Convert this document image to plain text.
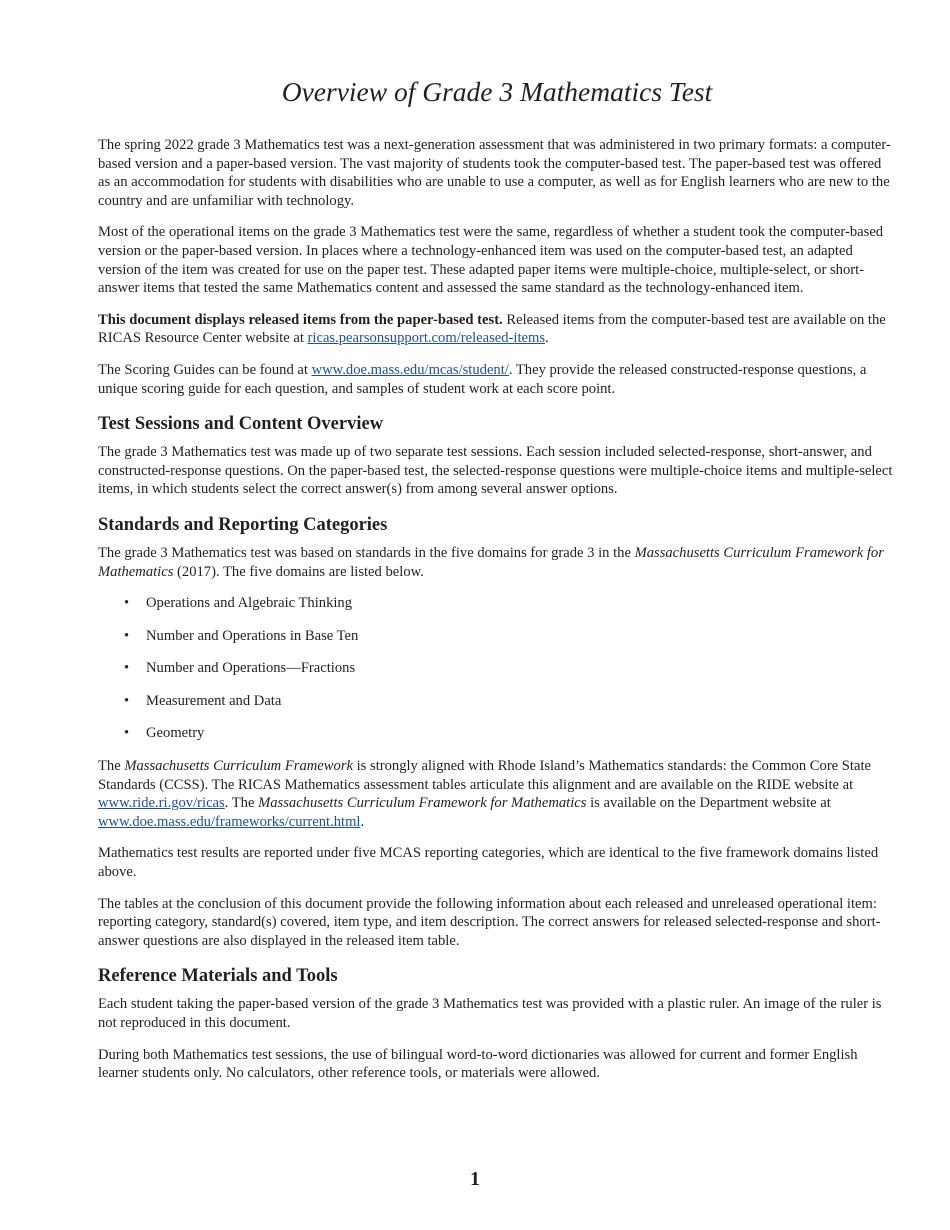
Overview of Grade 3 Mathematics Test

The spring 2022 grade 3 Mathematics test was a next-generation assessment that was administered in two primary formats: a computer-based version and a paper-based version. The vast majority of students took the computer-based test. The paper-based test was offered as an accommodation for students with disabilities who are unable to use a computer, as well as for English learners who are new to the country and are unfamiliar with technology.

Most of the operational items on the grade 3 Mathematics test were the same, regardless of whether a student took the computer-based version or the paper-based version. In places where a technology-enhanced item was used on the computer-based test, an adapted version of the item was created for use on the paper test. These adapted paper items were multiple-choice, multiple-select, or short-answer items that tested the same Mathematics content and assessed the same standard as the technology-enhanced item.

This document displays released items from the paper-based test. Released items from the computer-based test are available on the RICAS Resource Center website at ricas.pearsonsupport.com/released-items.

The Scoring Guides can be found at www.doe.mass.edu/mcas/student/. They provide the released constructed-response questions, a unique scoring guide for each question, and samples of student work at each score point.

Test Sessions and Content Overview

The grade 3 Mathematics test was made up of two separate test sessions. Each session included selected-response, short-answer, and constructed-response questions. On the paper-based test, the selected-response questions were multiple-choice items and multiple-select items, in which students select the correct answer(s) from among several answer options.

Standards and Reporting Categories

The grade 3 Mathematics test was based on standards in the five domains for grade 3 in the Massachusetts Curriculum Framework for Mathematics (2017). The five domains are listed below.

• Operations and Algebraic Thinking
• Number and Operations in Base Ten
• Number and Operations—Fractions
• Measurement and Data
• Geometry

The Massachusetts Curriculum Framework is strongly aligned with Rhode Island’s Mathematics standards: the Common Core State Standards (CCSS). The RICAS Mathematics assessment tables articulate this alignment and are available on the RIDE website at www.ride.ri.gov/ricas. The Massachusetts Curriculum Framework for Mathematics is available on the Department website at www.doe.mass.edu/frameworks/current.html.

Mathematics test results are reported under five MCAS reporting categories, which are identical to the five framework domains listed above.

The tables at the conclusion of this document provide the following information about each released and unreleased operational item: reporting category, standard(s) covered, item type, and item description. The correct answers for released selected-response and short-answer questions are also displayed in the released item table.

Reference Materials and Tools

Each student taking the paper-based version of the grade 3 Mathematics test was provided with a plastic ruler. An image of the ruler is not reproduced in this document.

During both Mathematics test sessions, the use of bilingual word-to-word dictionaries was allowed for current and former English learner students only. No calculators, other reference tools, or materials were allowed.

1
